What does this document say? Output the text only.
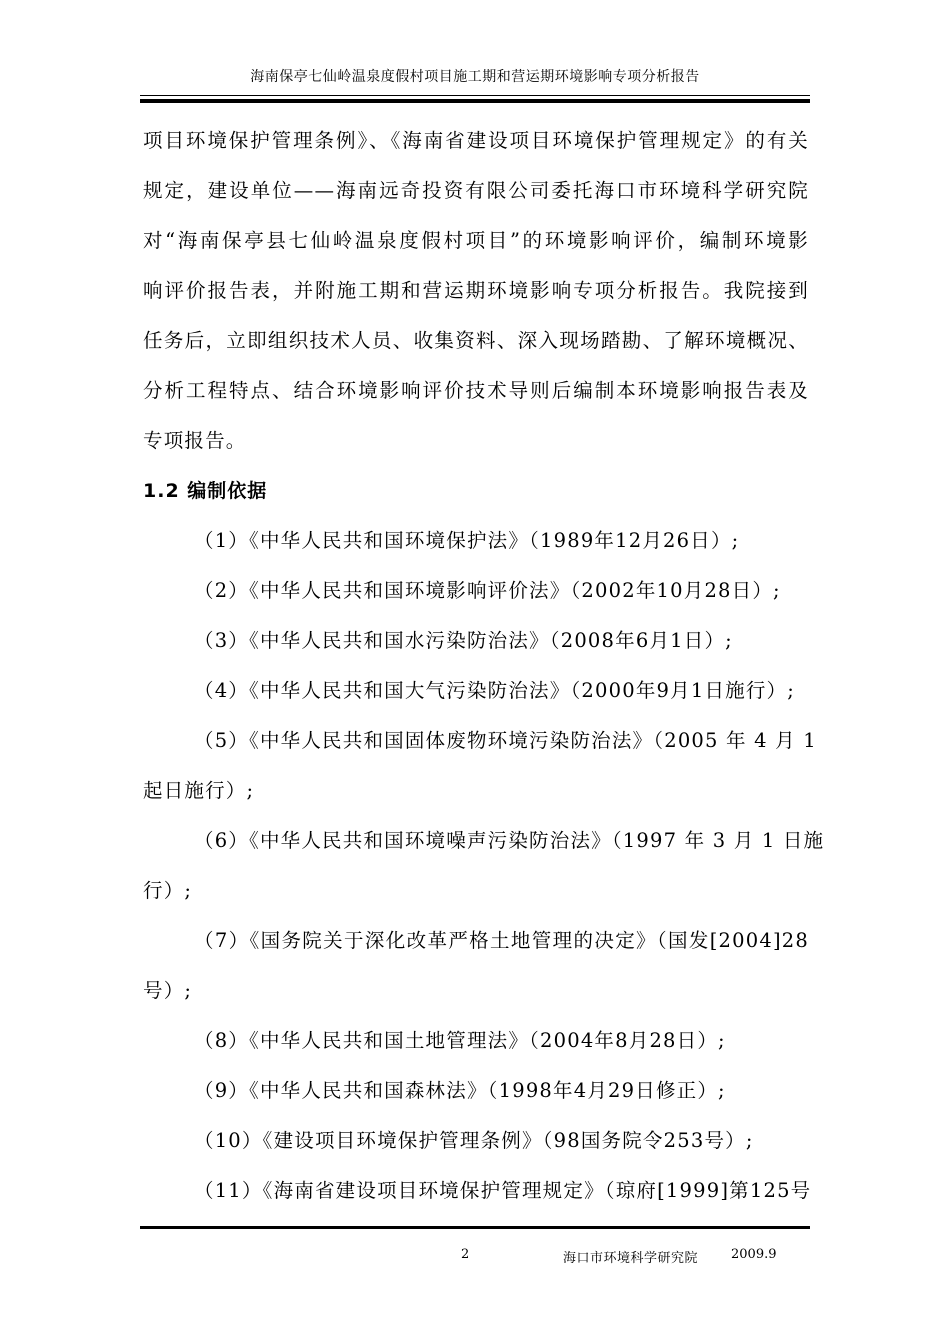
海南保亭七仙岭温泉度假村项目施工期和营运期环境影响专项分析报告
项目环境保护管理条例》、《海南省建设项目环境保护管理规定》的有关
规定，建设单位——海南远奇投资有限公司委托海口市环境科学研究院
对“海南保亭县七仙岭温泉度假村项目”的环境影响评价，编制环境影
响评价报告表，并附施工期和营运期环境影响专项分析报告。我院接到
任务后，立即组织技术人员、收集资料、深入现场踏勘、了解环境概况、
分析工程特点、结合环境影响评价技术导则后编制本环境影响报告表及
专项报告。
1.2 编制依据
（1）《中华人民共和国环境保护法》（1989年12月26日）;
（2）《中华人民共和国环境影响评价法》（2002年10月28日）;
（3）《中华人民共和国水污染防治法》（2008年6月1日）;
（4）《中华人民共和国大气污染防治法》（2000年9月1日施行）;
（5）《中华人民共和国固体废物环境污染防治法》（2005 年 4 月 1
起日施行）;
（6）《中华人民共和国环境噪声污染防治法》（1997 年 3 月 1 日施
行）;
（7）《国务院关于深化改革严格土地管理的决定》（国发[2004]28
号）;
（8）《中华人民共和国土地管理法》（2004年8月28日）;
（9）《中华人民共和国森林法》（1998年4月29日修正）;
（10）《建设项目环境保护管理条例》（98国务院令253号）;
（11）《海南省建设项目环境保护管理规定》（琼府[1999]第125号
2	海口市环境科学研究院	2009.9
